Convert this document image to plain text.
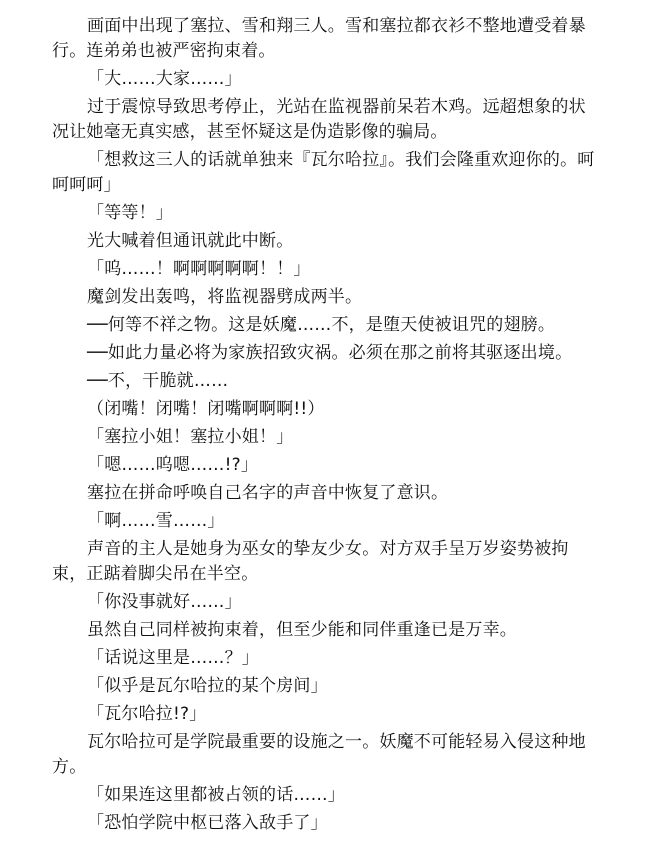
画面中出现了塞拉、雪和翔三人。雪和塞拉都衣衫不整地遭受着暴行。连弟弟也被严密拘束着。

「大……大家……」

过于震惊导致思考停止，光站在监视器前呆若木鸡。远超想象的状况让她毫无真实感，甚至怀疑这是伪造影像的骗局。

「想救这三人的话就单独来『瓦尔哈拉』。我们会隆重欢迎你的。呵呵呵呵」

「等等！」

光大喊着但通讯就此中断。

「呜……！啊啊啊啊啊！！」

魔剑发出轰鸣，将监视器劈成两半。

──何等不祥之物。这是妖魔……不，是堕天使被诅咒的翅膀。

──如此力量必将为家族招致灾祸。必须在那之前将其驱逐出境。

──不，干脆就……

（闭嘴！闭嘴！闭嘴啊啊啊!!）

「塞拉小姐！塞拉小姐！」

「嗯……呜嗯……!?」

塞拉在拼命呼唤自己名字的声音中恢复了意识。

「啊……雪……」

声音的主人是她身为巫女的挚友少女。对方双手呈万岁姿势被拘束，正踮着脚尖吊在半空。

「你没事就好……」

虽然自己同样被拘束着，但至少能和同伴重逢已是万幸。

「话说这里是……？」

「似乎是瓦尔哈拉的某个房间」

「瓦尔哈拉!?」

瓦尔哈拉可是学院最重要的设施之一。妖魔不可能轻易入侵这种地方。

「如果连这里都被占领的话……」

「恐怕学院中枢已落入敌手了」
